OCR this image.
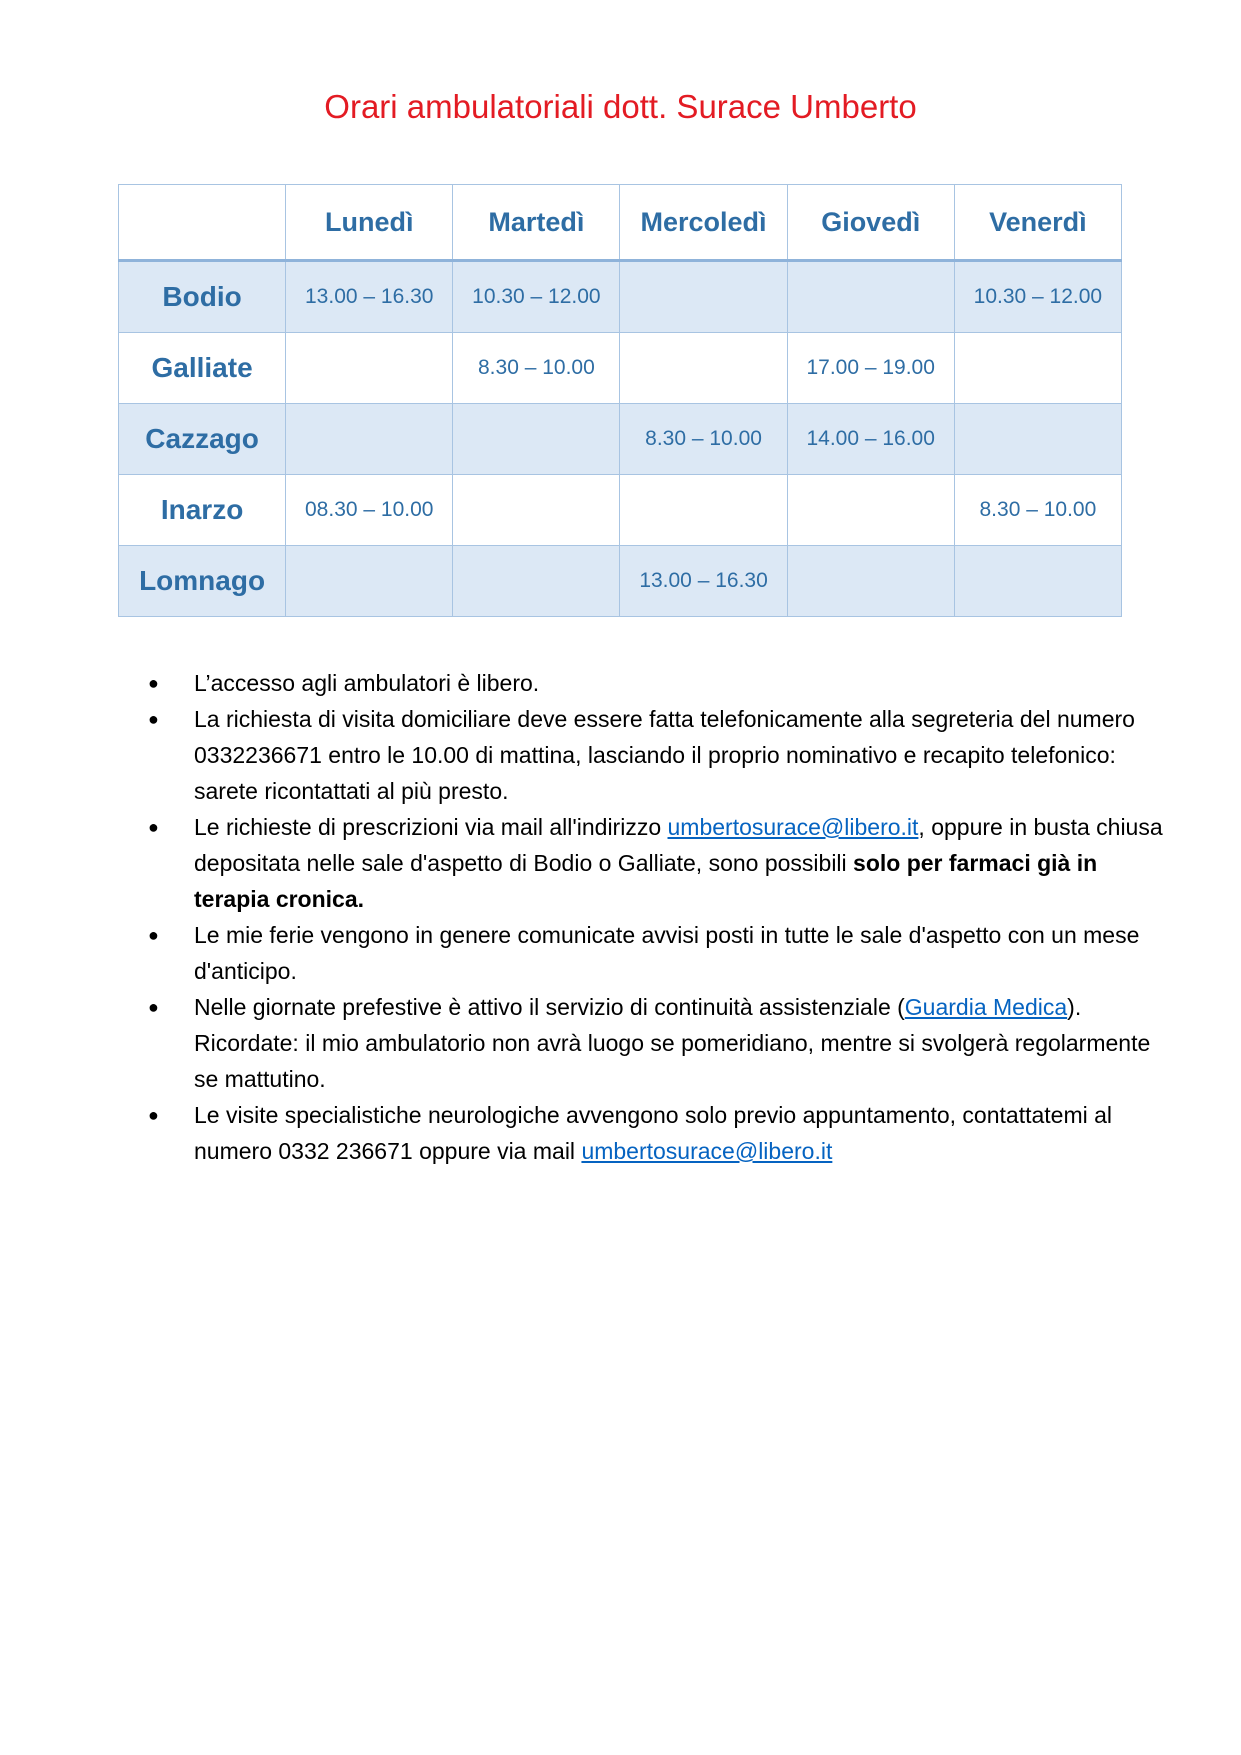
Orari ambulatoriali dott. Surace Umberto
	Lunedì	Martedì	Mercoledì	Giovedì	Venerdì
Bodio	13.00 – 16.30	10.30 – 12.00			10.30 – 12.00
Galliate		8.30 – 10.00		17.00 – 19.00	
Cazzago			8.30 – 10.00	14.00 – 16.00	
Inarzo	08.30 – 10.00				8.30 – 10.00
Lomnago			13.00 – 16.30		
●	L’accesso agli ambulatori è libero.
●	La richiesta di visita domiciliare deve essere fatta telefonicamente alla segreteria del numero 0332236671 entro le 10.00 di mattina, lasciando il proprio nominativo e recapito telefonico: sarete ricontattati al più presto.
●	Le richieste di prescrizioni via mail all'indirizzo umbertosurace@libero.it, oppure in busta chiusa depositata nelle sale d'aspetto di Bodio o Galliate, sono possibili solo per farmaci già in terapia cronica.
●	Le mie ferie vengono in genere comunicate avvisi posti in tutte le sale d'aspetto con un mese d'anticipo.
●	Nelle giornate prefestive è attivo il servizio di continuità assistenziale (Guardia Medica). Ricordate: il mio ambulatorio non avrà luogo se pomeridiano, mentre si svolgerà regolarmente se mattutino.
●	Le visite specialistiche neurologiche avvengono solo previo appuntamento, contattatemi al numero 0332 236671 oppure via mail umbertosurace@libero.it
